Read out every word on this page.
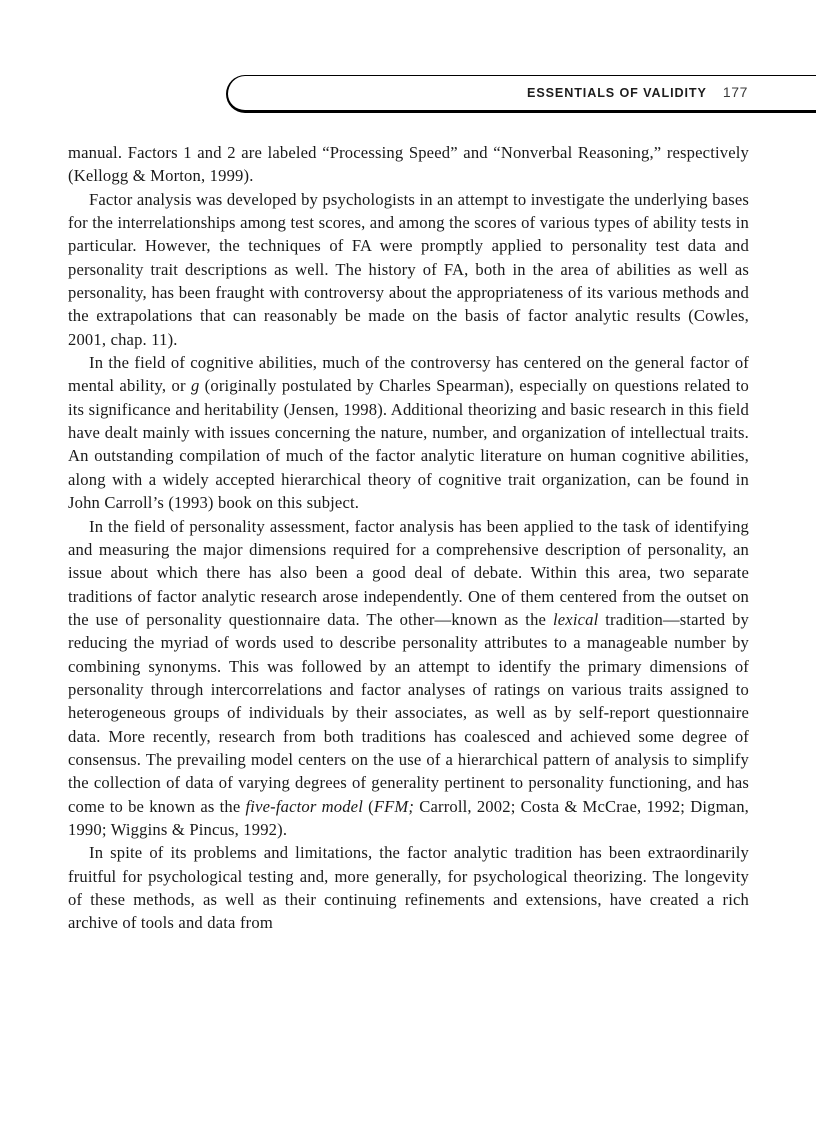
ESSENTIALS OF VALIDITY 177

manual. Factors 1 and 2 are labeled “Processing Speed” and “Nonverbal Reasoning,” respectively (Kellogg & Morton, 1999).

Factor analysis was developed by psychologists in an attempt to investigate the underlying bases for the interrelationships among test scores, and among the scores of various types of ability tests in particular. However, the techniques of FA were promptly applied to personality test data and personality trait descriptions as well. The history of FA, both in the area of abilities as well as personality, has been fraught with controversy about the appropriateness of its various methods and the extrapolations that can reasonably be made on the basis of factor analytic results (Cowles, 2001, chap. 11).

In the field of cognitive abilities, much of the controversy has centered on the general factor of mental ability, or g (originally postulated by Charles Spearman), especially on questions related to its significance and heritability (Jensen, 1998). Additional theorizing and basic research in this field have dealt mainly with issues concerning the nature, number, and organization of intellectual traits. An outstanding compilation of much of the factor analytic literature on human cognitive abilities, along with a widely accepted hierarchical theory of cognitive trait organization, can be found in John Carroll’s (1993) book on this subject.

In the field of personality assessment, factor analysis has been applied to the task of identifying and measuring the major dimensions required for a comprehensive description of personality, an issue about which there has also been a good deal of debate. Within this area, two separate traditions of factor analytic research arose independently. One of them centered from the outset on the use of personality questionnaire data. The other—known as the lexical tradition—started by reducing the myriad of words used to describe personality attributes to a manageable number by combining synonyms. This was followed by an attempt to identify the primary dimensions of personality through intercorrelations and factor analyses of ratings on various traits assigned to heterogeneous groups of individuals by their associates, as well as by self-report questionnaire data. More recently, research from both traditions has coalesced and achieved some degree of consensus. The prevailing model centers on the use of a hierarchical pattern of analysis to simplify the collection of data of varying degrees of generality pertinent to personality functioning, and has come to be known as the five-factor model (FFM; Carroll, 2002; Costa & McCrae, 1992; Digman, 1990; Wiggins & Pincus, 1992).

In spite of its problems and limitations, the factor analytic tradition has been extraordinarily fruitful for psychological testing and, more generally, for psychological theorizing. The longevity of these methods, as well as their continuing refinements and extensions, have created a rich archive of tools and data from
